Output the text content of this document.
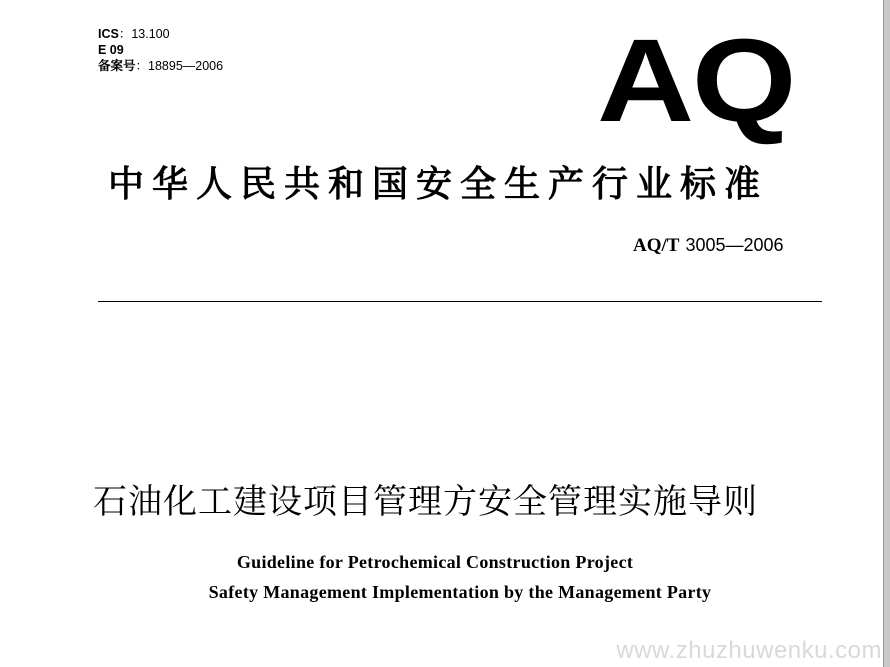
ICS：13.100
E 09
备案号：18895—2006	AQ
中华人民共和国安全生产行业标准
AQ/T 3005—2006
石油化工建设项目管理方安全管理实施导则
Guideline for Petrochemical Construction Project
Safety Management Implementation by the Management Party
www.zhuzhuwenku.com
